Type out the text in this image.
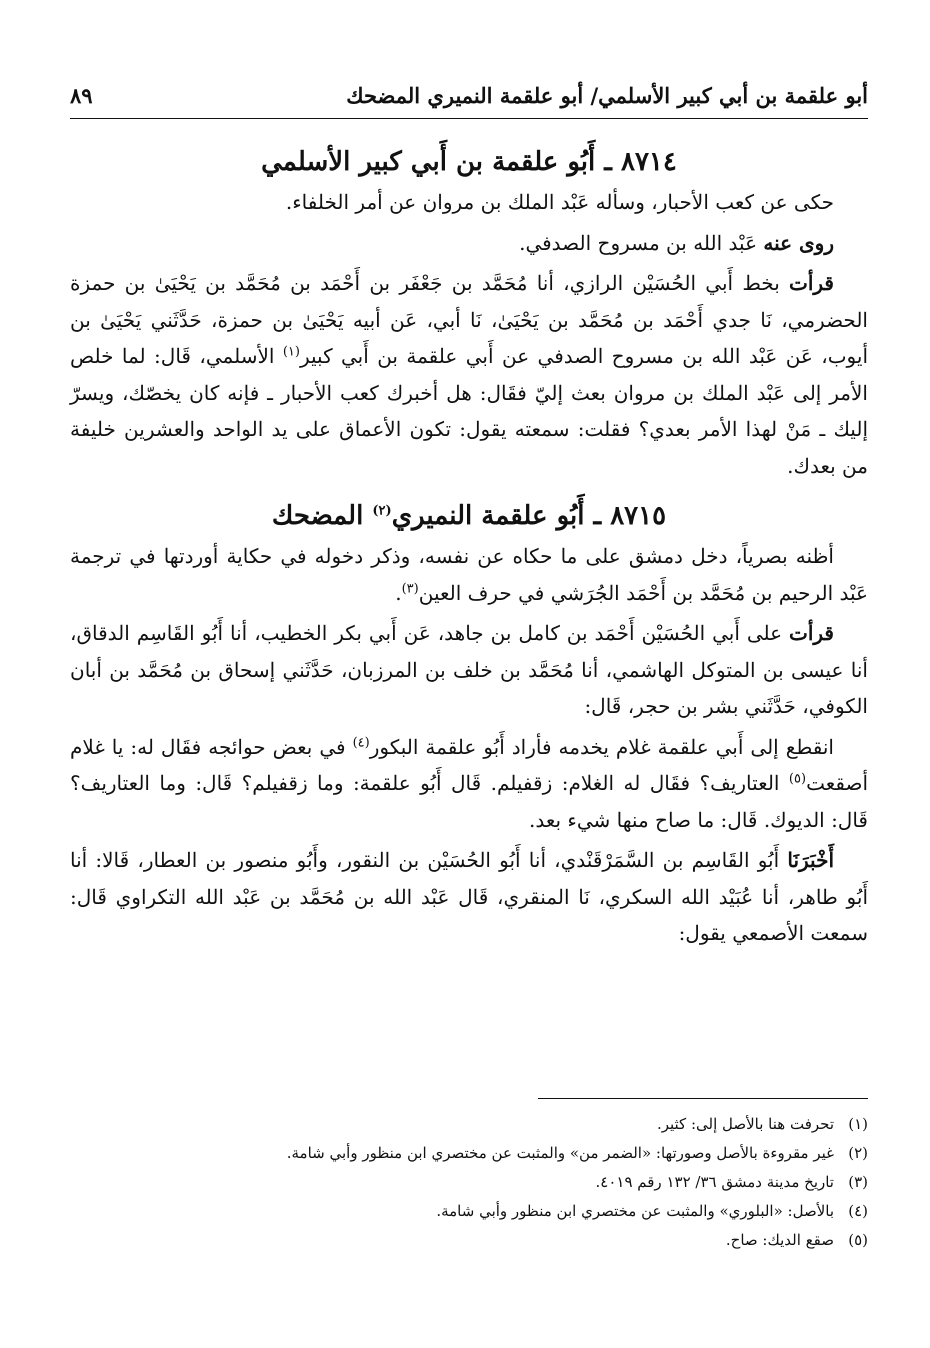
أبو علقمة بن أبي كبير الأسلمي/ أبو علقمة النميري المضحك
٨٩
٨٧١٤ ـ أَبُو علقمة بن أَبي كبير الأسلمي

حكى عن كعب الأحبار، وسأله عَبْد الملك بن مروان عن أمر الخلفاء.

روى عنه عَبْد الله بن مسروح الصدفي.

قرأت بخط أَبي الحُسَيْن الرازي، أنا مُحَمَّد بن جَعْفَر بن أَحْمَد بن مُحَمَّد بن يَحْيَىٰ بن حمزة الحضرمي، نَا جدي أَحْمَد بن مُحَمَّد بن يَحْيَىٰ، نَا أبي، عَن أبيه يَحْيَىٰ بن حمزة، حَدَّثَني يَحْيَىٰ بن أيوب، عَن عَبْد الله بن مسروح الصدفي عن أَبي علقمة بن أَبي كبير$^{(١)}$ الأسلمي، قَال: لما خلص الأمر إلى عَبْد الملك بن مروان بعث إليّ فقَال: هل أخبرك كعب الأحبار ـ فإنه كان يخصّك، ويسرّ إليك ـ مَنْ لهذا الأمر بعدي؟ فقلت: سمعته يقول: تكون الأعماق على يد الواحد والعشرين خليفة من بعدك.

٨٧١٥ ـ أَبُو علقمة النميري$^{(٢)}$ المضحك

أظنه بصرياً، دخل دمشق على ما حكاه عن نفسه، وذكر دخوله في حكاية أوردتها في ترجمة عَبْد الرحيم بن مُحَمَّد بن أَحْمَد الجُرَشي في حرف العين$^{(٣)}$.

قرأت على أَبي الحُسَيْن أَحْمَد بن كامل بن جاهد، عَن أَبي بكر الخطيب، أنا أَبُو القَاسِم الدقاق، أنا عيسى بن المتوكل الهاشمي، أنا مُحَمَّد بن خلف بن المرزبان، حَدَّثَني إسحاق بن مُحَمَّد بن أبان الكوفي، حَدَّثَني بشر بن حجر، قَال:

انقطع إلى أَبي علقمة غلام يخدمه فأراد أَبُو علقمة البكور$^{(٤)}$ في بعض حوائجه فقَال له: يا غلام أصقعت$^{(٥)}$ العتاريف؟ فقَال له الغلام: زقفيلم. قَال أَبُو علقمة: وما زقفيلم؟ قَال: وما العتاريف؟ قَال: الديوك. قَال: ما صاح منها شيء بعد.

أَخْبَرَنَا أَبُو القَاسِم بن السَّمَرْقَنْدي، أنا أَبُو الحُسَيْن بن النقور، وأَبُو منصور بن العطار، قَالا: أنا أَبُو طاهر، أنا عُبَيْد الله السكري، نَا المنقري، قَال عَبْد الله بن مُحَمَّد بن عَبْد الله التكراوي قَال: سمعت الأصمعي يقول:

(١)
تحرفت هنا بالأصل إلى: كثير.
(٢)
غير مقروءة بالأصل وصورتها: «الضمر من» والمثبت عن مختصري ابن منظور وأبي شامة.
(٣)
تاريخ مدينة دمشق ٣٦/ ١٣٢ رقم ٤٠١٩.
(٤)
بالأصل: «البلوري» والمثبت عن مختصري ابن منظور وأبي شامة.
(٥)
صقع الديك: صاح.
